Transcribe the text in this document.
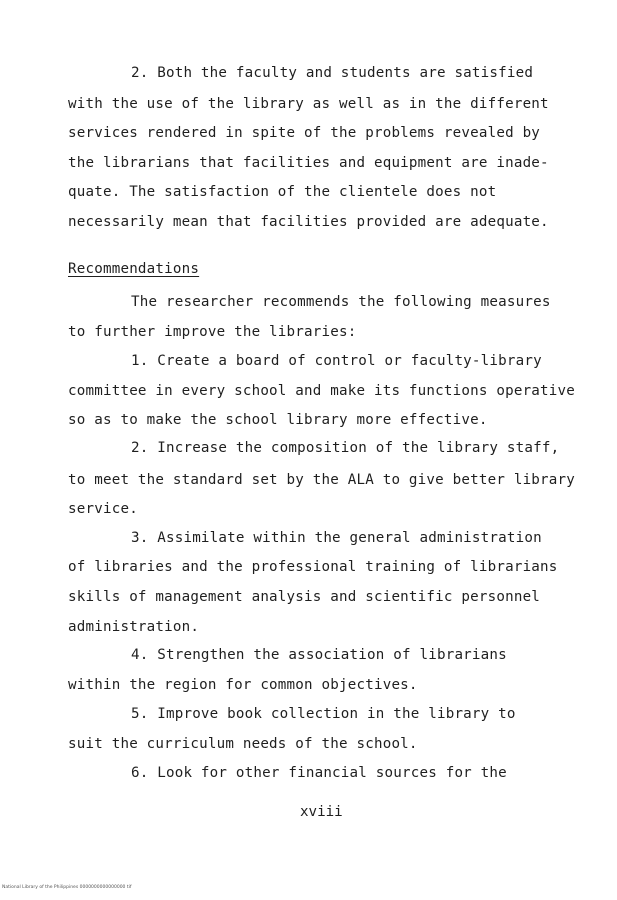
2. Both the faculty and students are satisfied
with the use of the library as well as in the different
services rendered in spite of the problems revealed by
the librarians that facilities and equipment are inade-
quate. The satisfaction of the clientele does not
necessarily mean that facilities provided are adequate.
Recommendations
The researcher recommends the following measures
to further improve the libraries:
1. Create a board of control or faculty-library
committee in every school and make its functions operative
so as to make the school library more effective.
2. Increase the composition of the library staff,
to meet the standard set by the ALA to give better library
service.
3. Assimilate within the general administration
of libraries and the professional training of librarians
skills of management analysis and scientific personnel
administration.
4. Strengthen the association of librarians
within the region for common objectives.
5. Improve book collection in the library to
suit the curriculum needs of the school.
6. Look for other financial sources for the
xviii
National Library of the Philippines 0000000000000000 tif
